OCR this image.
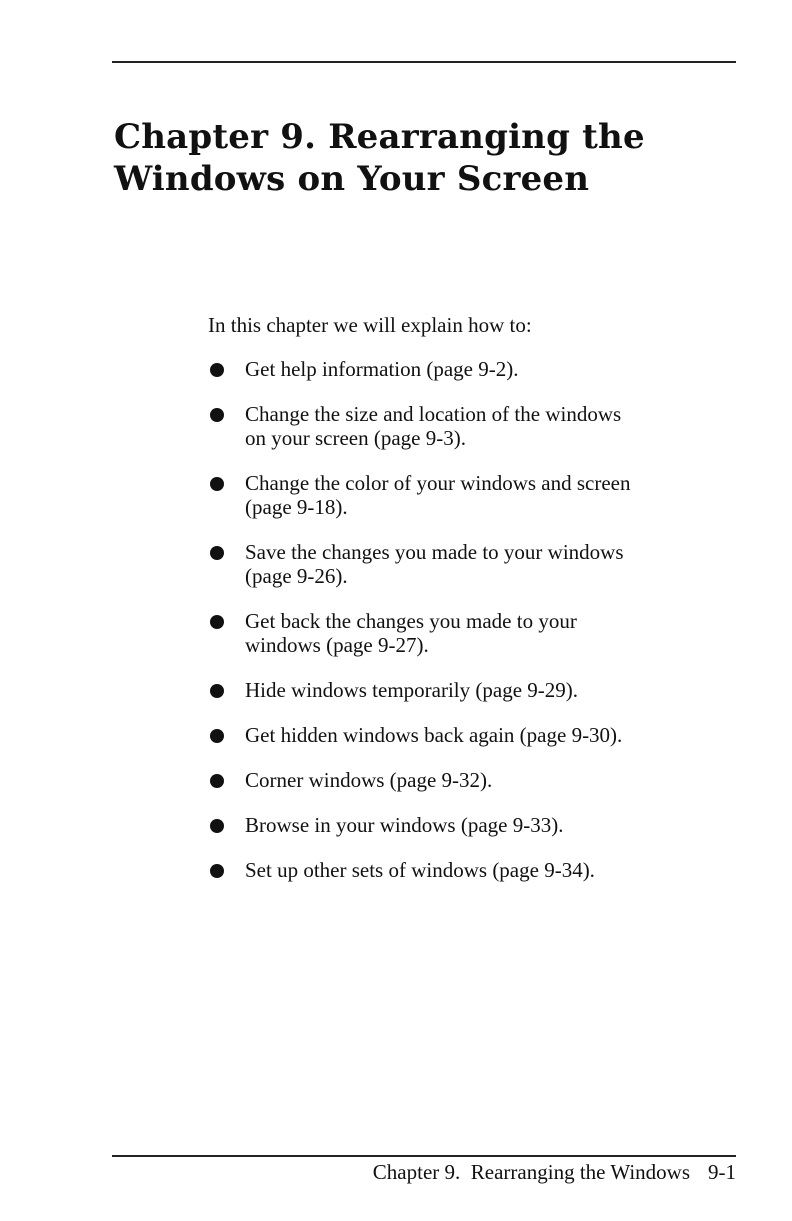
Chapter 9. Rearranging the
Windows on Your Screen

In this chapter we will explain how to:

Get help information (page 9-2).
Change the size and location of the windows
on your screen (page 9-3).
Change the color of your windows and screen
(page 9-18).
Save the changes you made to your windows
(page 9-26).
Get back the changes you made to your
windows (page 9-27).
Hide windows temporarily (page 9-29).
Get hidden windows back again (page 9-30).
Corner windows (page 9-32).
Browse in your windows (page 9-33).
Set up other sets of windows (page 9-34).
Chapter 9.  Rearranging the Windows 9-1
